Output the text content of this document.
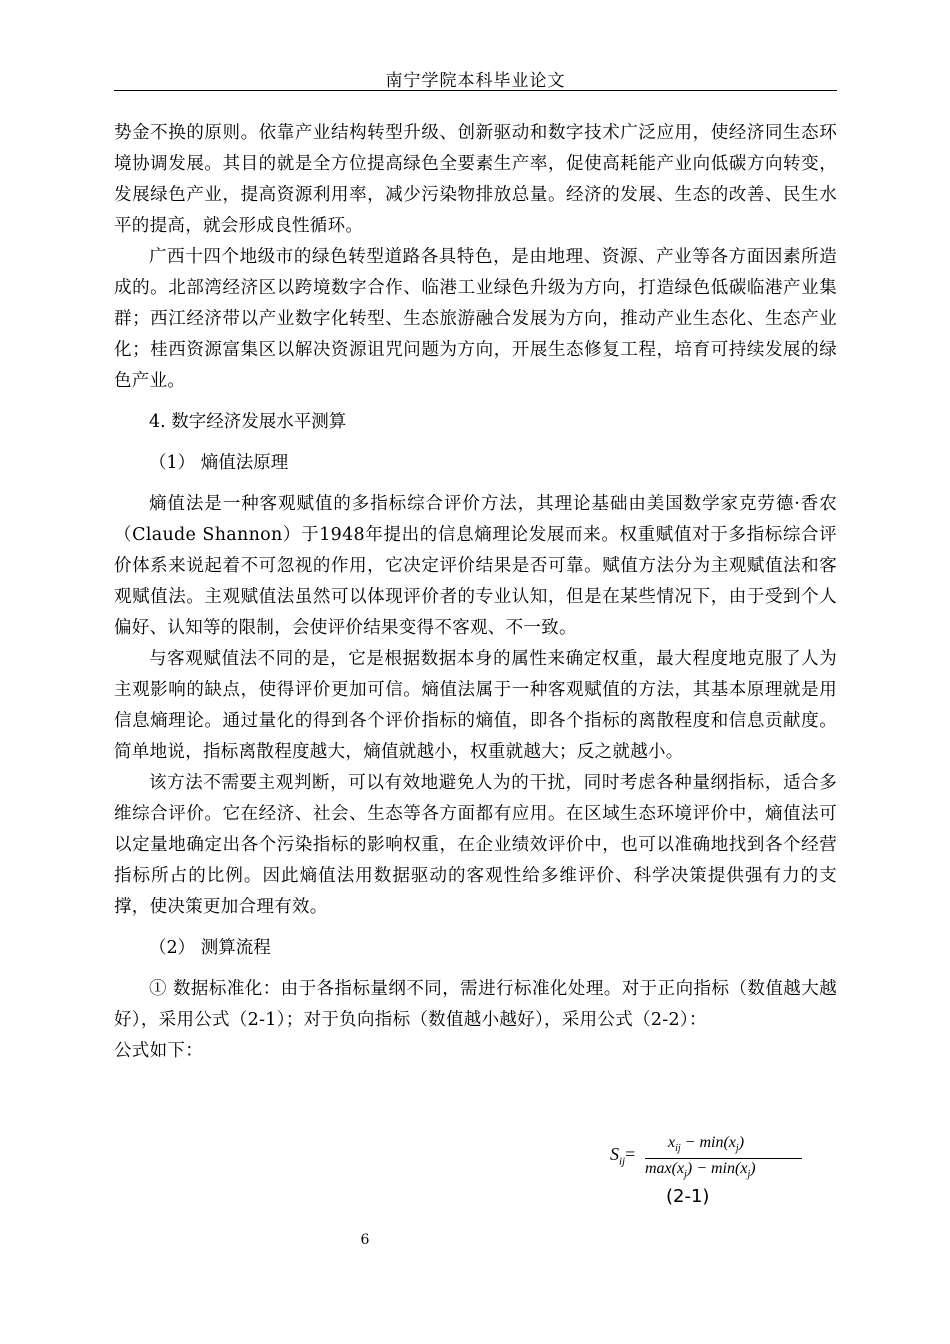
南宁学院本科毕业论文

势金不换的原则。依靠产业结构转型升级、创新驱动和数字技术广泛应用，使经济同生态环境协调发展。其目的就是全方位提高绿色全要素生产率，促使高耗能产业向低碳方向转变，发展绿色产业，提高资源利用率，减少污染物排放总量。经济的发展、生态的改善、民生水平的提高，就会形成良性循环。

广西十四个地级市的绿色转型道路各具特色，是由地理、资源、产业等各方面因素所造成的。北部湾经济区以跨境数字合作、临港工业绿色升级为方向，打造绿色低碳临港产业集群；西江经济带以产业数字化转型、生态旅游融合发展为方向，推动产业生态化、生态产业化；桂西资源富集区以解决资源诅咒问题为方向，开展生态修复工程，培育可持续发展的绿色产业。

4. 数字经济发展水平测算
（1） 熵值法原理

熵值法是一种客观赋值的多指标综合评价方法，其理论基础由美国数学家克劳德·香农（Claude Shannon）于1948年提出的信息熵理论发展而来。权重赋值对于多指标综合评价体系来说起着不可忽视的作用，它决定评价结果是否可靠。赋值方法分为主观赋值法和客观赋值法。主观赋值法虽然可以体现评价者的专业认知，但是在某些情况下，由于受到个人偏好、认知等的限制，会使评价结果变得不客观、不一致。

与客观赋值法不同的是，它是根据数据本身的属性来确定权重，最大程度地克服了人为主观影响的缺点，使得评价更加可信。熵值法属于一种客观赋值的方法，其基本原理就是用信息熵理论。通过量化的得到各个评价指标的熵值，即各个指标的离散程度和信息贡献度。简单地说，指标离散程度越大，熵值就越小，权重就越大；反之就越小。

该方法不需要主观判断，可以有效地避免人为的干扰，同时考虑各种量纲指标，适合多维综合评价。它在经济、社会、生态等各方面都有应用。在区域生态环境评价中，熵值法可以定量地确定出各个污染指标的影响权重，在企业绩效评价中，也可以准确地找到各个经营指标所占的比例。因此熵值法用数据驱动的客观性给多维评价、科学决策提供强有力的支撑，使决策更加合理有效。

（2） 测算流程

① 数据标准化：由于各指标量纲不同，需进行标准化处理。对于正向指标（数值越大越好），采用公式（2-1）；对于负向指标（数值越小越好），采用公式（2-2）：

公式如下：

$S_{ij}=$
$x_{ij} - \min(x_j)$
$\max(x_j) - \min(x_j)$
(2-1)
6
